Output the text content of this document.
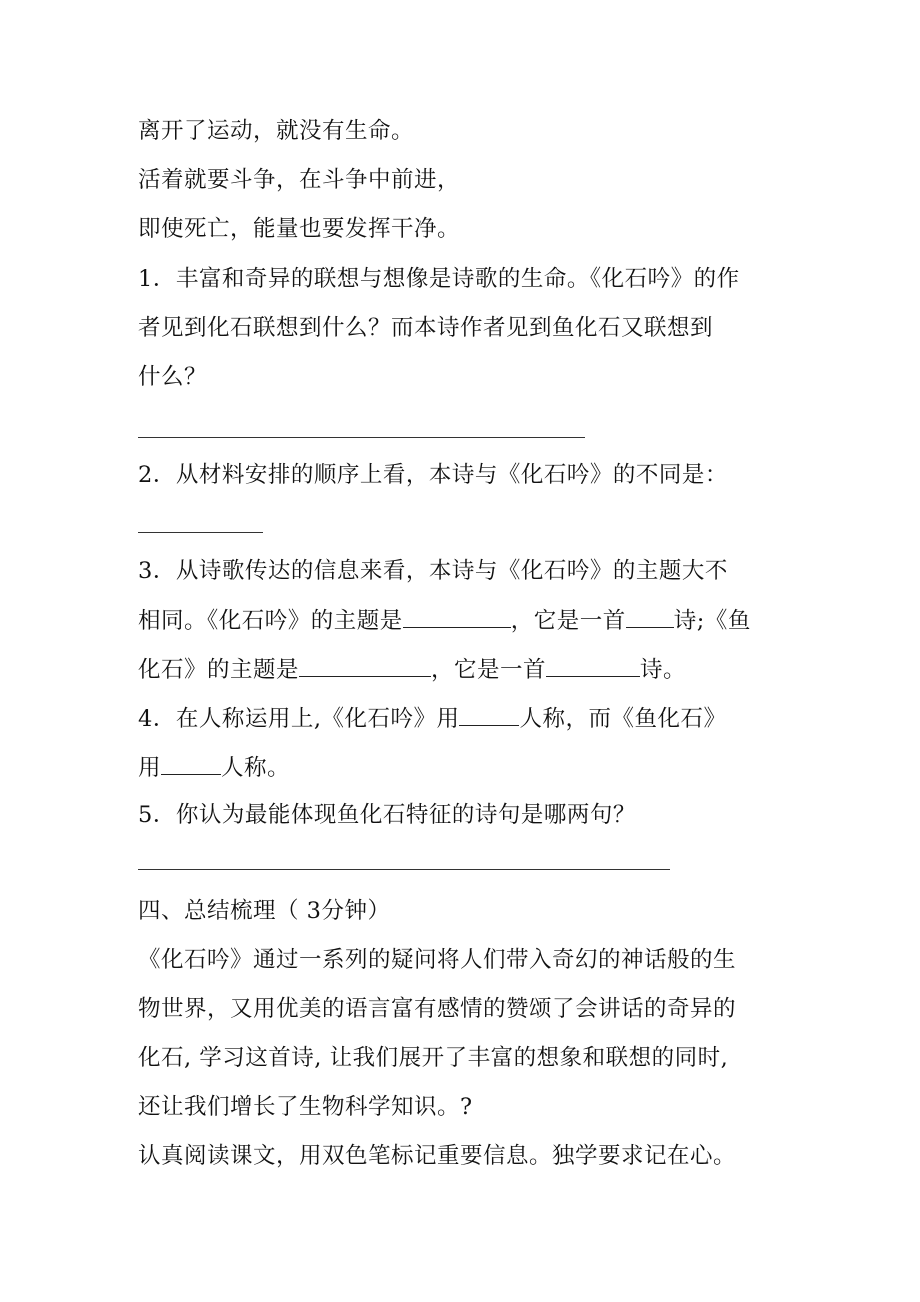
离开了运动，就没有生命。
活着就要斗争，在斗争中前进，
即使死亡，能量也要发挥干净。
1．丰富和奇异的联想与想像是诗歌的生命。《化石吟》的作
者见到化石联想到什么？而本诗作者见到鱼化石又联想到
什么？
2．从材料安排的顺序上看，本诗与《化石吟》的不同是：
3．从诗歌传达的信息来看，本诗与《化石吟》的主题大不
相同。《化石吟》的主题是	，它是一首 诗;《鱼
化石》的主题是	，它是一首	诗。
4．在人称运用上,《化石吟》用	人称，而《鱼化石》
用	人称。
5．你认为最能体现鱼化石特征的诗句是哪两句？
四、总结梳理（ 3分钟）
《化石吟》通过一系列的疑问将人们带入奇幻的神话般的生
物世界，又用优美的语言富有感情的赞颂了会讲话的奇异的
化石, 学习这首诗, 让我们展开了丰富的想象和联想的同时,
还让我们增长了生物科学知识。?
认真阅读课文，用双色笔标记重要信息。独学要求记在心。
